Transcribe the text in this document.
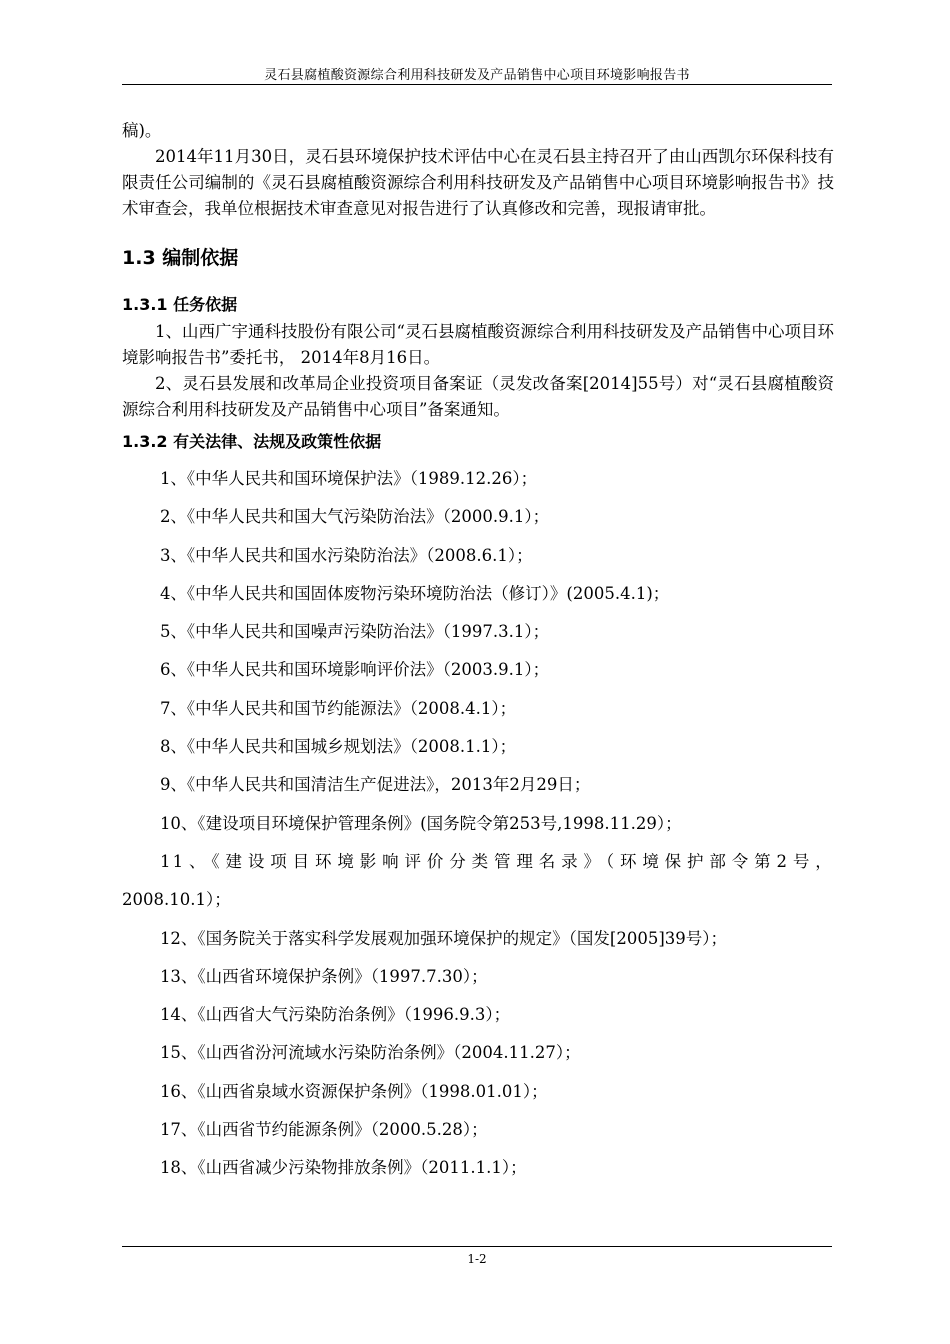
灵石县腐植酸资源综合利用科技研发及产品销售中心项目环境影响报告书

稿)。

2014年11月30日，灵石县环境保护技术评估中心在灵石县主持召开了由山西凯尔环保科技有限责任公司编制的《灵石县腐植酸资源综合利用科技研发及产品销售中心项目环境影响报告书》技术审查会，我单位根据技术审查意见对报告进行了认真修改和完善，现报请审批。

1.3 编制依据
1.3.1 任务依据

1、山西广宇通科技股份有限公司“灵石县腐植酸资源综合利用科技研发及产品销售中心项目环境影响报告书”委托书， 2014年8月16日。

2、灵石县发展和改革局企业投资项目备案证（灵发改备案[2014]55号）对“灵石县腐植酸资源综合利用科技研发及产品销售中心项目”备案通知。

1.3.2 有关法律、法规及政策性依据

1、《中华人民共和国环境保护法》（1989.12.26）；

2、《中华人民共和国大气污染防治法》（2000.9.1）；

3、《中华人民共和国水污染防治法》（2008.6.1）；

4、《中华人民共和国固体废物污染环境防治法（修订）》(2005.4.1)；

5、《中华人民共和国噪声污染防治法》（1997.3.1）；

6、《中华人民共和国环境影响评价法》（2003.9.1）；

7、《中华人民共和国节约能源法》（2008.4.1）；

8、《中华人民共和国城乡规划法》（2008.1.1）；

9、《中华人民共和国清洁生产促进法》，2013年2月29日；

10、《建设项目环境保护管理条例》(国务院令第253号,1998.11.29）；

11、《建设项目环境影响评价分类管理名录》（环境保护部令第2号，

2008.10.1）；

12、《国务院关于落实科学发展观加强环境保护的规定》（国发[2005]39号）；

13、《山西省环境保护条例》（1997.7.30）；

14、《山西省大气污染防治条例》（1996.9.3）；

15、《山西省汾河流域水污染防治条例》（2004.11.27）；

16、《山西省泉域水资源保护条例》（1998.01.01）；

17、《山西省节约能源条例》（2000.5.28）；

18、《山西省减少污染物排放条例》（2011.1.1）；

1-2
